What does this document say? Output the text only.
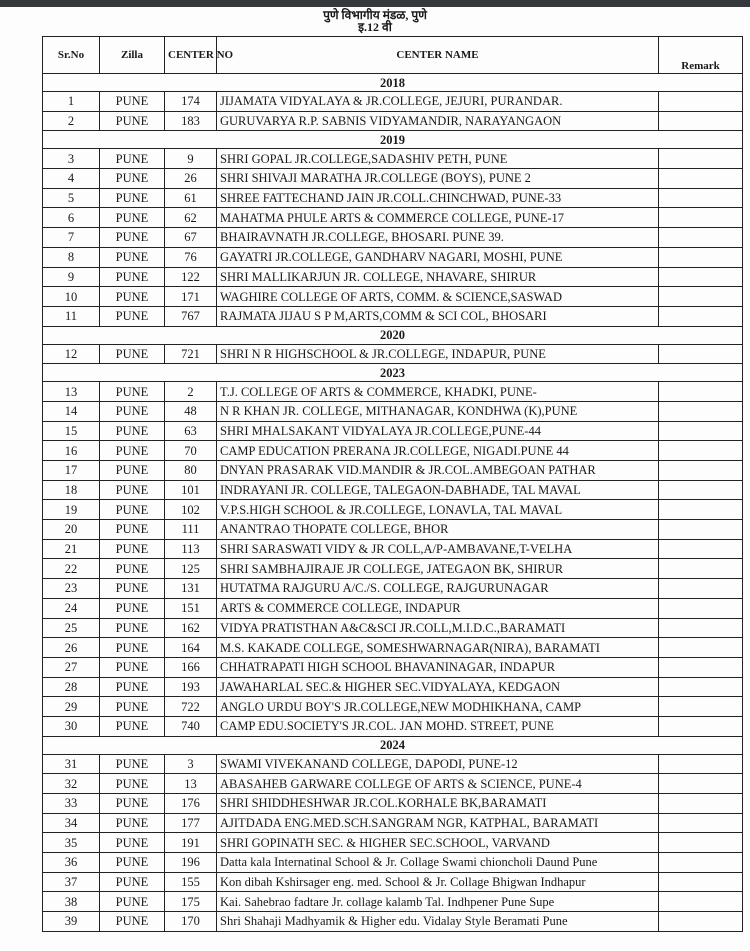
पुणे विभागीय मंडळ, पुणे
इ.12 वी
Sr.No	Zilla	CENTER NO	CENTER NAME	Remark
2018
1	PUNE	174	JIJAMATA VIDYALAYA & JR.COLLEGE, JEJURI, PURANDAR.	
2	PUNE	183	GURUVARYA R.P. SABNIS VIDYAMANDIR, NARAYANGAON	
2019
3	PUNE	9	SHRI GOPAL JR.COLLEGE,SADASHIV PETH, PUNE	
4	PUNE	26	SHRI SHIVAJI MARATHA JR.COLLEGE (BOYS), PUNE 2	
5	PUNE	61	SHREE FATTECHAND JAIN JR.COLL.CHINCHWAD, PUNE-33	
6	PUNE	62	MAHATMA PHULE ARTS & COMMERCE COLLEGE, PUNE-17	
7	PUNE	67	BHAIRAVNATH JR.COLLEGE, BHOSARI. PUNE 39.	
8	PUNE	76	GAYATRI JR.COLLEGE, GANDHARV NAGARI, MOSHI, PUNE	
9	PUNE	122	SHRI MALLIKARJUN JR. COLLEGE, NHAVARE, SHIRUR	
10	PUNE	171	WAGHIRE COLLEGE OF ARTS, COMM. & SCIENCE,SASWAD	
11	PUNE	767	RAJMATA JIJAU S P M,ARTS,COMM & SCI COL, BHOSARI	
2020
12	PUNE	721	SHRI N R HIGHSCHOOL & JR.COLLEGE, INDAPUR, PUNE	
2023
13	PUNE	2	T.J. COLLEGE OF ARTS & COMMERCE, KHADKI, PUNE-	
14	PUNE	48	N R KHAN JR. COLLEGE, MITHANAGAR, KONDHWA (K),PUNE	
15	PUNE	63	SHRI MHALSAKANT VIDYALAYA JR.COLLEGE,PUNE-44	
16	PUNE	70	CAMP EDUCATION PRERANA JR.COLLEGE, NIGADI.PUNE 44	
17	PUNE	80	DNYAN PRASARAK VID.MANDIR & JR.COL.AMBEGOAN PATHAR	
18	PUNE	101	INDRAYANI JR. COLLEGE, TALEGAON-DABHADE, TAL MAVAL	
19	PUNE	102	V.P.S.HIGH SCHOOL & JR.COLLEGE, LONAVLA, TAL MAVAL	
20	PUNE	111	ANANTRAO THOPATE COLLEGE, BHOR	
21	PUNE	113	SHRI SARASWATI VIDY & JR COLL,A/P-AMBAVANE,T-VELHA	
22	PUNE	125	SHRI SAMBHAJIRAJE JR COLLEGE, JATEGAON BK, SHIRUR	
23	PUNE	131	HUTATMA RAJGURU A/C./S. COLLEGE, RAJGURUNAGAR	
24	PUNE	151	ARTS & COMMERCE COLLEGE, INDAPUR	
25	PUNE	162	VIDYA PRATISTHAN A&C&SCI JR.COLL,M.I.D.C.,BARAMATI	
26	PUNE	164	M.S. KAKADE COLLEGE, SOMESHWARNAGAR(NIRA), BARAMATI	
27	PUNE	166	CHHATRAPATI HIGH SCHOOL BHAVANINAGAR, INDAPUR	
28	PUNE	193	JAWAHARLAL SEC.& HIGHER SEC.VIDYALAYA, KEDGAON	
29	PUNE	722	ANGLO URDU BOY'S JR.COLLEGE,NEW MODHIKHANA, CAMP	
30	PUNE	740	CAMP EDU.SOCIETY'S JR.COL. JAN MOHD. STREET, PUNE	
2024
31	PUNE	3	SWAMI VIVEKANAND COLLEGE, DAPODI, PUNE-12	
32	PUNE	13	ABASAHEB GARWARE COLLEGE OF ARTS & SCIENCE, PUNE-4	
33	PUNE	176	SHRI SHIDDHESHWAR JR.COL.KORHALE BK,BARAMATI	
34	PUNE	177	AJITDADA ENG.MED.SCH.SANGRAM NGR, KATPHAL, BARAMATI	
35	PUNE	191	SHRI GOPINATH SEC. & HIGHER SEC.SCHOOL, VARVAND	
36	PUNE	196	Datta kala Internatinal School & Jr. Collage Swami chioncholi Daund Pune	
37	PUNE	155	Kon dibah Kshirsager eng. med. School & Jr. Collage Bhigwan Indhapur	
38	PUNE	175	Kai. Sahebrao fadtare Jr. collage kalamb Tal. Indhpener Pune Supe	
39	PUNE	170	Shri Shahaji Madhyamik & Higher edu. Vidalay Style Beramati Pune	
